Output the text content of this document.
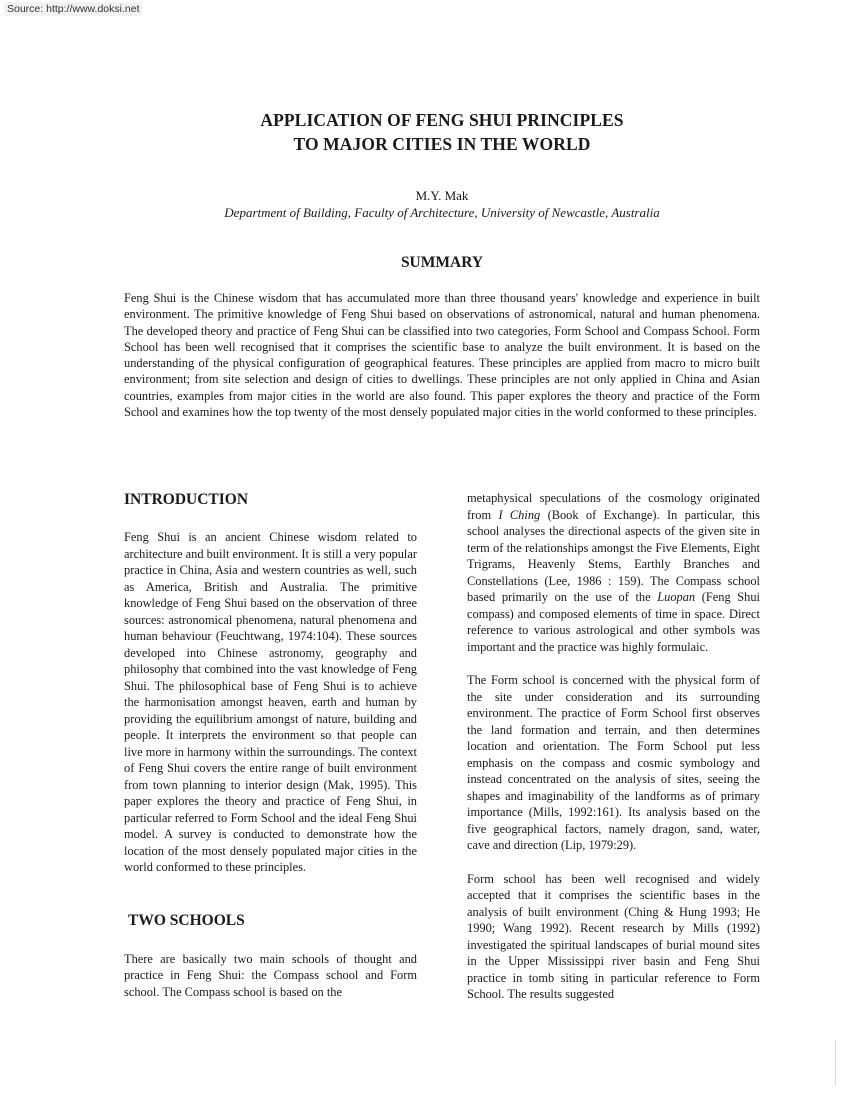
Source: http://www.doksi.net
APPLICATION OF FENG SHUI PRINCIPLES
TO MAJOR CITIES IN THE WORLD
M.Y. Mak
Department of Building, Faculty of Architecture, University of Newcastle, Australia
SUMMARY

Feng Shui is the Chinese wisdom that has accumulated more than three thousand years' knowledge and experience in built environment. The primitive knowledge of Feng Shui based on observations of astronomical, natural and human phenomena. The developed theory and practice of Feng Shui can be classified into two categories, Form School and Compass School. Form School has been well recognised that it comprises the scientific base to analyze the built environment. It is based on the understanding of the physical configuration of geographical features. These principles are applied from macro to micro built environment; from site selection and design of cities to dwellings. These principles are not only applied in China and Asian countries, examples from major cities in the world are also found. This paper explores the theory and practice of the Form School and examines how the top twenty of the most densely populated major cities in the world conformed to these principles.

INTRODUCTION

Feng Shui is an ancient Chinese wisdom related to architecture and built environment. It is still a very popular practice in China, Asia and western countries as well, such as America, British and Australia. The primitive knowledge of Feng Shui based on the observation of three sources: astronomical phenomena, natural phenomena and human behaviour (Feuchtwang, 1974:104). These sources developed into Chinese astronomy, geography and philosophy that combined into the vast knowledge of Feng Shui. The philosophical base of Feng Shui is to achieve the harmonisation amongst heaven, earth and human by providing the equilibrium amongst of nature, building and people. It interprets the environment so that people can live more in harmony within the surroundings. The context of Feng Shui covers the entire range of built environment from town planning to interior design (Mak, 1995). This paper explores the theory and practice of Feng Shui, in particular referred to Form School and the ideal Feng Shui model. A survey is conducted to demonstrate how the location of the most densely populated major cities in the world conformed to these principles.

TWO SCHOOLS

There are basically two main schools of thought and practice in Feng Shui: the Compass school and Form school. The Compass school is based on the

metaphysical speculations of the cosmology originated from I Ching (Book of Exchange). In particular, this school analyses the directional aspects of the given site in term of the relationships amongst the Five Elements, Eight Trigrams, Heavenly Stems, Earthly Branches and Constellations (Lee, 1986 : 159). The Compass school based primarily on the use of the Luopan (Feng Shui compass) and composed elements of time in space. Direct reference to various astrological and other symbols was important and the practice was highly formulaic.

The Form school is concerned with the physical form of the site under consideration and its surrounding environment. The practice of Form School first observes the land formation and terrain, and then determines location and orientation. The Form School put less emphasis on the compass and cosmic symbology and instead concentrated on the analysis of sites, seeing the shapes and imaginability of the landforms as of primary importance (Mills, 1992:161). Its analysis based on the five geographical factors, namely dragon, sand, water, cave and direction (Lip, 1979:29).

Form school has been well recognised and widely accepted that it comprises the scientific bases in the analysis of built environment (Ching & Hung 1993; He 1990; Wang 1992). Recent research by Mills (1992) investigated the spiritual landscapes of burial mound sites in the Upper Mississippi river basin and Feng Shui practice in tomb siting in particular reference to Form School. The results suggested
